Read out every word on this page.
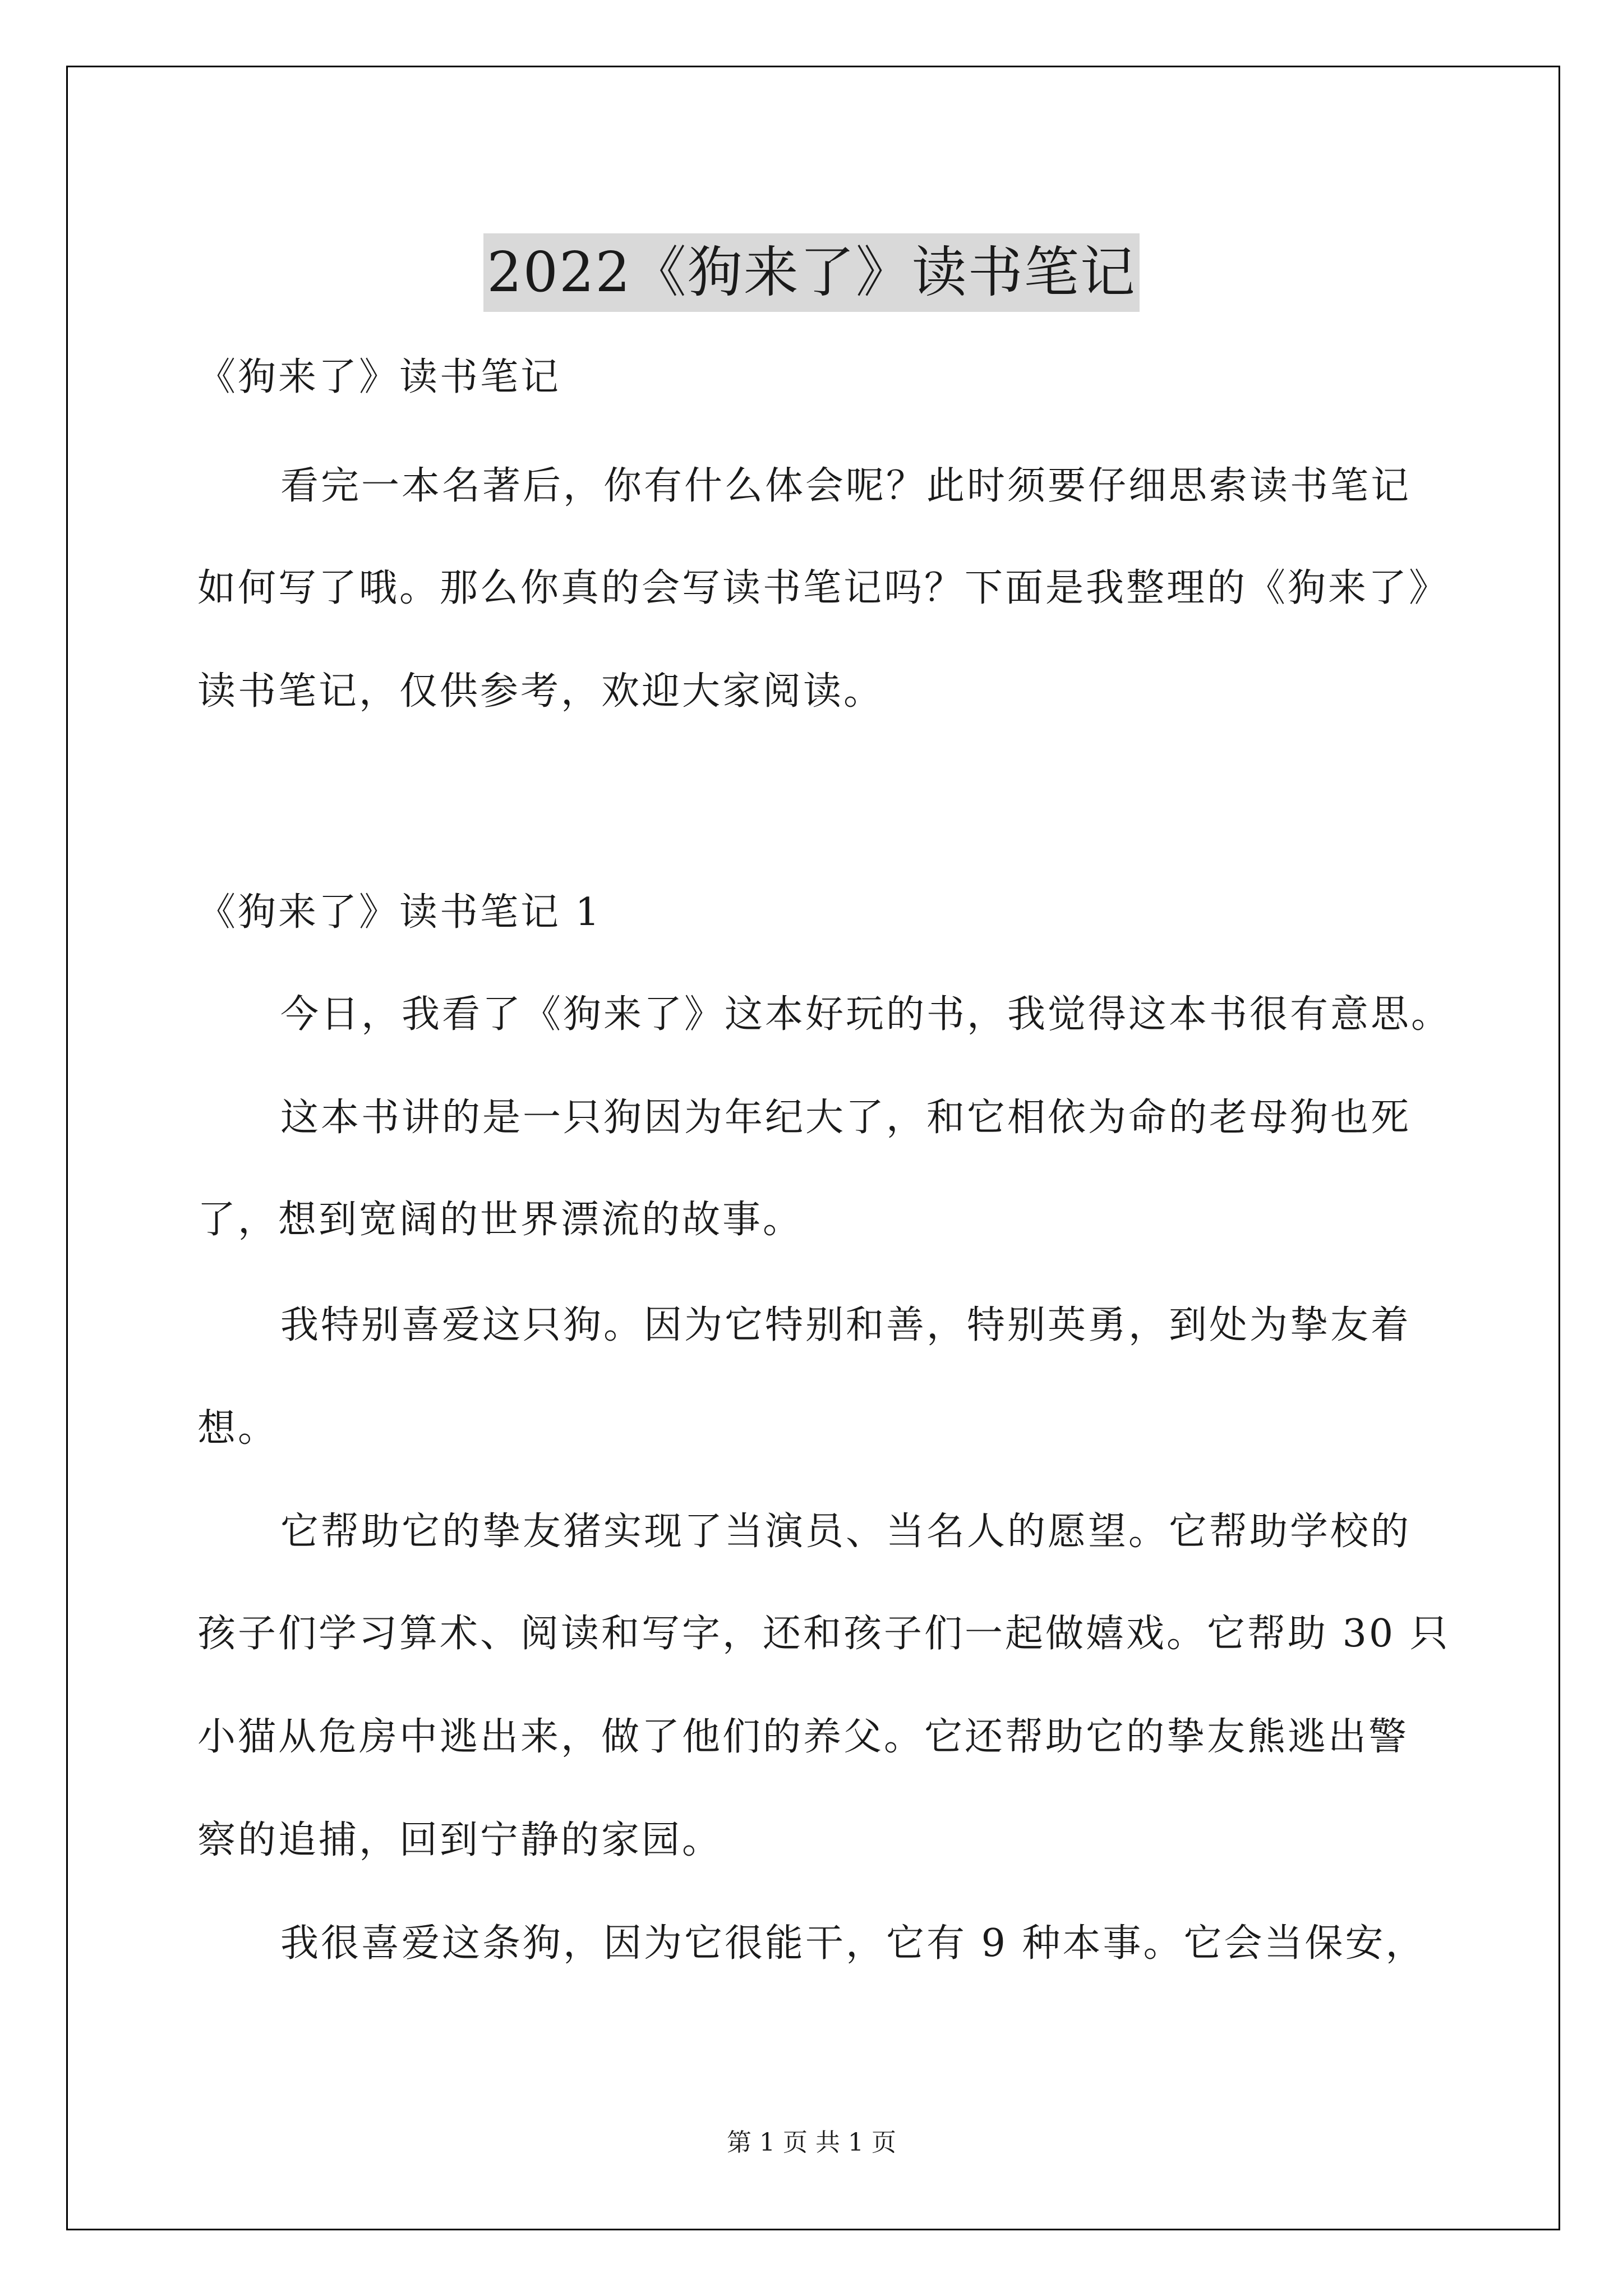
2022《狗来了》读书笔记
《狗来了》读书笔记
看完一本名著后，你有什么体会呢？此时须要仔细思索读书笔记
如何写了哦。那么你真的会写读书笔记吗？下面是我整理的《狗来了》
读书笔记，仅供参考，欢迎大家阅读。
《狗来了》读书笔记 1
今日，我看了《狗来了》这本好玩的书，我觉得这本书很有意思。
这本书讲的是一只狗因为年纪大了，和它相依为命的老母狗也死
了，想到宽阔的世界漂流的故事。
我特别喜爱这只狗。因为它特别和善，特别英勇，到处为挚友着
想。
它帮助它的挚友猪实现了当演员、当名人的愿望。它帮助学校的
孩子们学习算术、阅读和写字，还和孩子们一起做嬉戏。它帮助 30 只
小猫从危房中逃出来，做了他们的养父。它还帮助它的挚友熊逃出警
察的追捕，回到宁静的家园。
我很喜爱这条狗，因为它很能干，它有 9 种本事。它会当保安，
第 1 页 共 1 页
